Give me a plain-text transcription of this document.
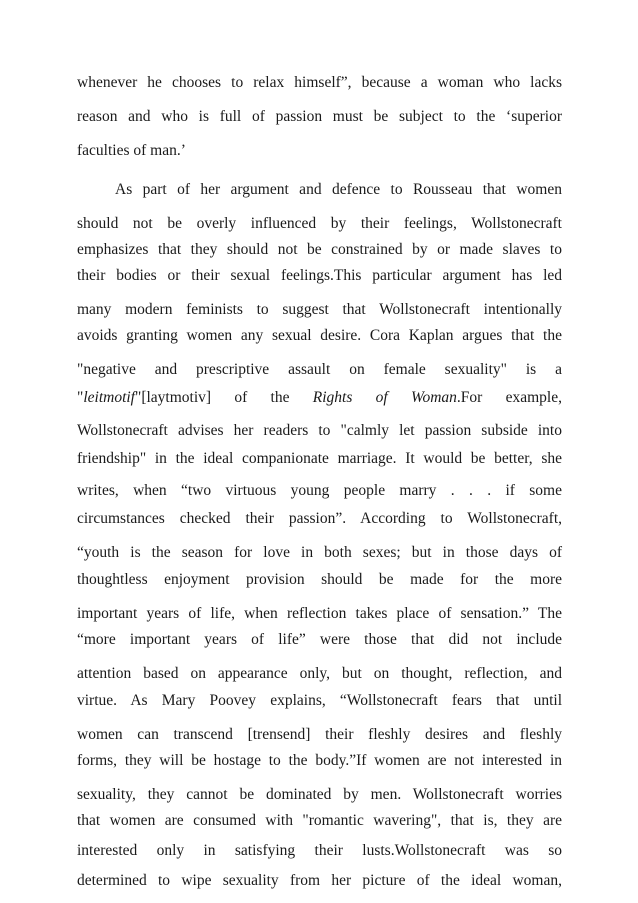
whenever he chooses to relax himself”, because a woman who lacks
reason and who is full of passion must be subject to the ‘superior
faculties of man.’
As part of her argument and defence to Rousseau that women
should not be overly influenced by their feelings, Wollstonecraft
emphasizes that they should not be constrained by or made slaves to
their bodies or their sexual feelings.This particular argument has led
many modern feminists to suggest that Wollstonecraft intentionally
avoids granting women any sexual desire. Cora Kaplan argues that the
"negative and prescriptive assault on female sexuality" is a
"leitmotif"[laytmotiv] of the Rights of Woman.For example,
Wollstonecraft advises her readers to "calmly let passion subside into
friendship" in the ideal companionate marriage. It would be better, she
writes, when “two virtuous young people marry . . . if some
circumstances checked their passion”. According to Wollstonecraft,
“youth is the season for love in both sexes; but in those days of
thoughtless enjoyment provision should be made for the more
important years of life, when reflection takes place of sensation.” The
“more important years of life” were those that did not include
attention based on appearance only, but on thought, reflection, and
virtue. As Mary Poovey explains, “Wollstonecraft fears that until
women can transcend [trensend] their fleshly desires and fleshly
forms, they will be hostage to the body.”If women are not interested in
sexuality, they cannot be dominated by men. Wollstonecraft worries
that women are consumed with "romantic wavering", that is, they are
interested only in satisfying their lusts.Wollstonecraft was so
determined to wipe sexuality from her picture of the ideal woman,
